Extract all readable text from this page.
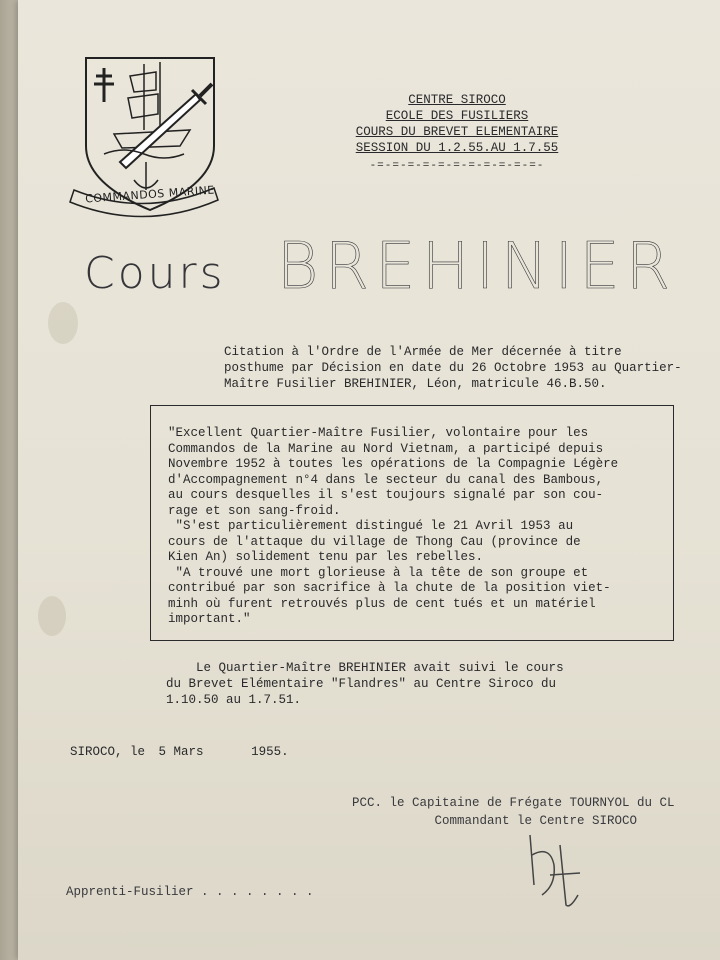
COMMANDOS MARINE
CENTRE SIROCO
ECOLE DES FUSILIERS
COURS DU BREVET ELEMENTAIRE
SESSION DU 1.2.55.AU 1.7.55
-=-=-=-=-=-=-=-=-=-=-=-
Cours BREHINIER
Citation à l'Ordre de l'Armée de Mer décernée à titre
posthume par Décision en date du 26 Octobre 1953 au Quartier-
Maître Fusilier BREHINIER, Léon, matricule 46.B.50.
"Excellent Quartier-Maître Fusilier, volontaire pour les
Commandos de la Marine au Nord Vietnam, a participé depuis
Novembre 1952 à toutes les opérations de la Compagnie Légère
d'Accompagnement n°4 dans le secteur du canal des Bambous,
au cours desquelles il s'est toujours signalé par son cou-
rage et son sang-froid.
"S'est particulièrement distingué le 21 Avril 1953 au
cours de l'attaque du village de Thong Cau (province de
Kien An) solidement tenu par les rebelles.
"A trouvé une mort glorieuse à la tête de son groupe et
contribué par son sacrifice à la chute de la position viet-
minh où furent retrouvés plus de cent tués et un matériel
important."
Le Quartier-Maître BREHINIER avait suivi le cours
du Brevet Elémentaire "Flandres" au Centre Siroco du
1.10.50 au 1.7.51.
SIROCO, le 5 Mars	1955.
PCC. le Capitaine de Frégate TOURNYOL du CL
Commandant le Centre SIROCO
Apprenti-Fusilier . . . . . . . .
